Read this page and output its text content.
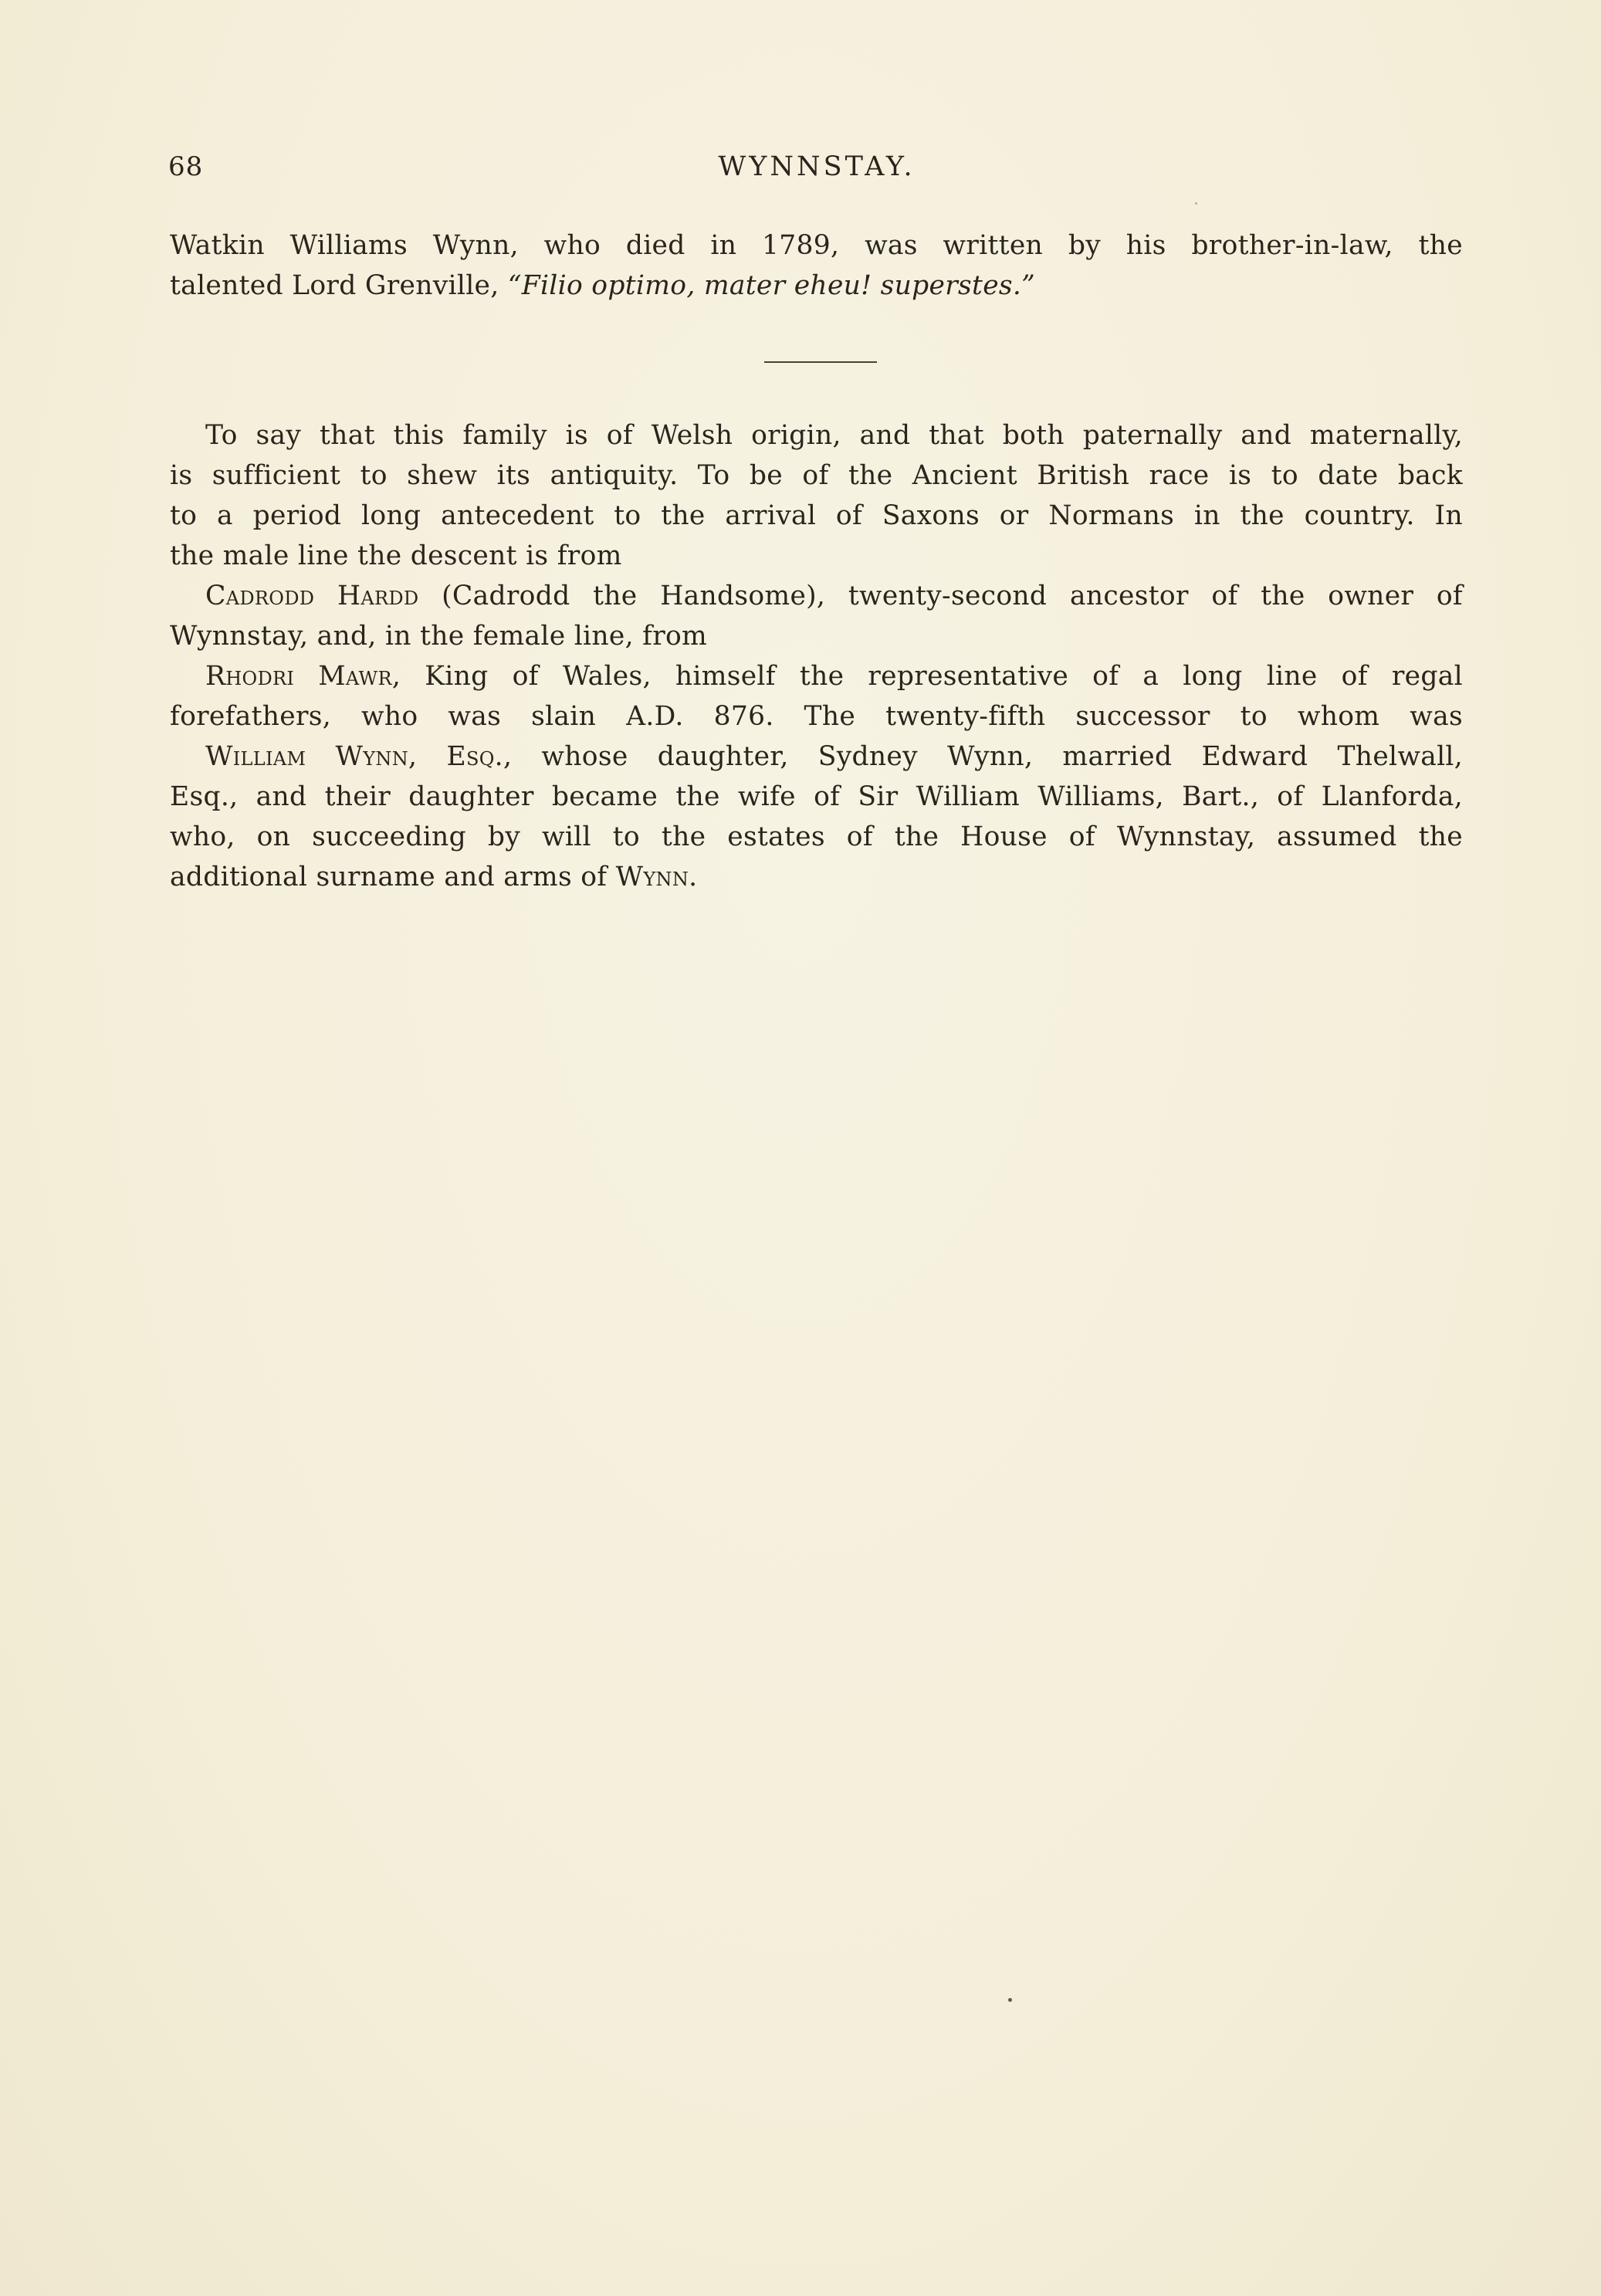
68	WYNNSTAY.
Watkin Williams Wynn, who died in 1789, was written by his brother-in-law, the
talented Lord Grenville, “Filio optimo, mater eheu! superstes.”
To say that this family is of Welsh origin, and that both paternally and maternally,
is sufficient to shew its antiquity. To be of the Ancient British race is to date back
to a period long antecedent to the arrival of Saxons or Normans in the country. In
the male line the descent is from
Cadrodd Hardd (Cadrodd the Handsome), twenty-second ancestor of the owner of
Wynnstay, and, in the female line, from
Rhodri Mawr, King of Wales, himself the representative of a long line of regal
forefathers, who was slain A.D. 876. The twenty-fifth successor to whom was
William Wynn, Esq., whose daughter, Sydney Wynn, married Edward Thelwall,
Esq., and their daughter became the wife of Sir William Williams, Bart., of Llanforda,
who, on succeeding by will to the estates of the House of Wynnstay, assumed the
additional surname and arms of Wynn.
